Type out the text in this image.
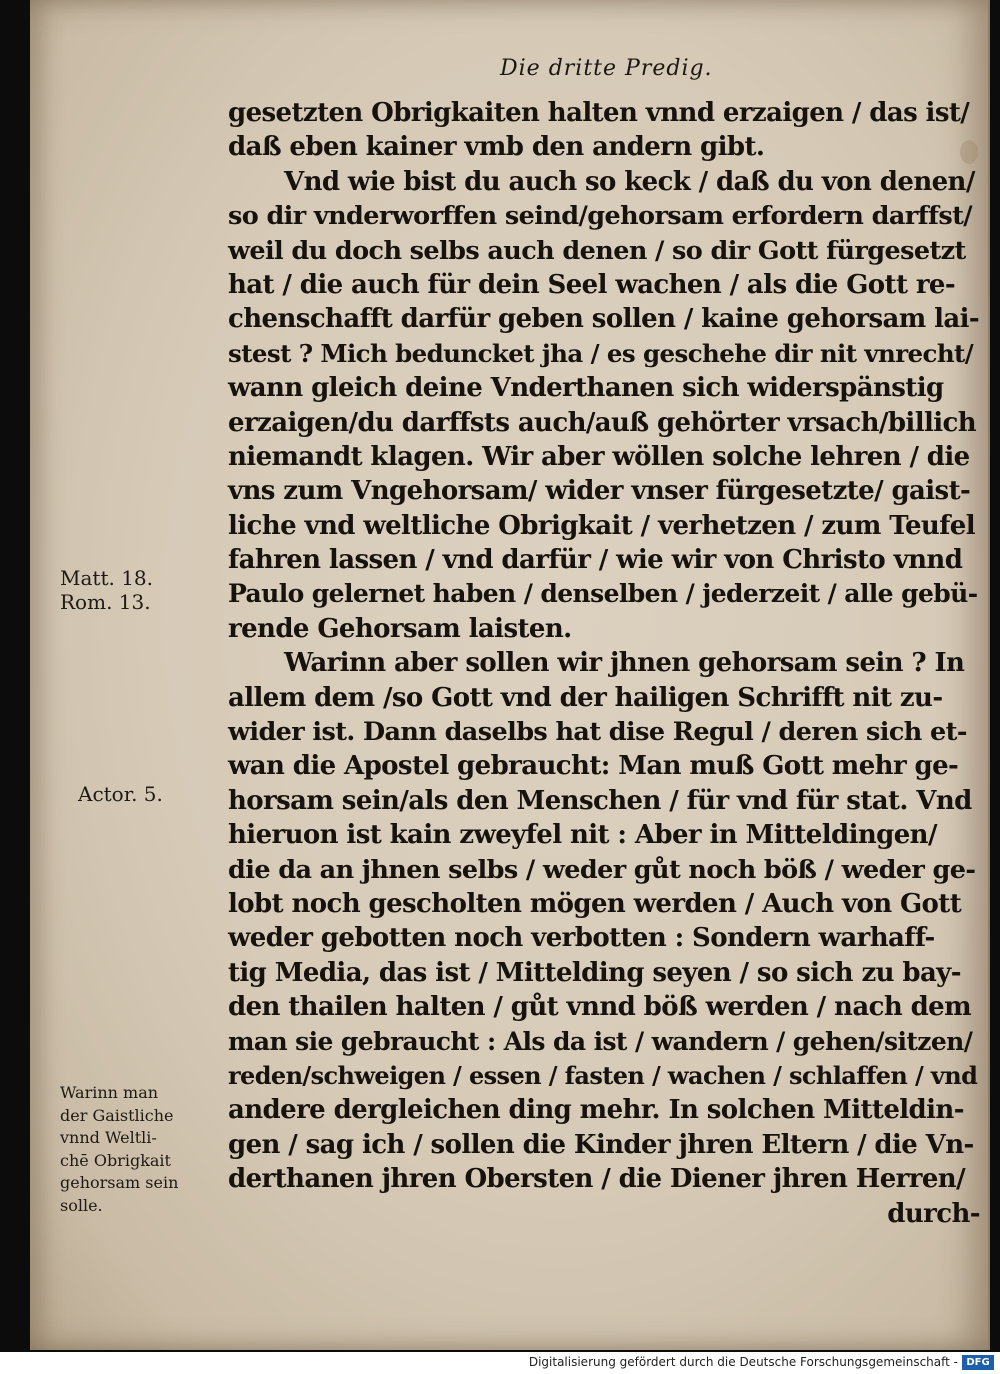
Die dritte Predig.
gesetzten Obrigkaiten halten vnnd erzaigen / das ist/
daß eben kainer vmb den andern gibt.
Vnd wie bist du auch so keck / daß du von denen/
so dir vnderworffen seind/gehorsam erfordern darffst/
weil du doch selbs auch denen / so dir Gott fürgesetzt
hat / die auch für dein Seel wachen / als die Gott re-
chenschafft darfür geben sollen / kaine gehorsam lai-
stest ? Mich beduncket jha / es geschehe dir nit vnrecht/
wann gleich deine Vnderthanen sich widerspänstig
erzaigen/du darffsts auch/auß gehörter vrsach/billich
niemandt klagen. Wir aber wöllen solche lehren / die
vns zum Vngehorsam/ wider vnser fürgesetzte/ gaist-
liche vnd weltliche Obrigkait / verhetzen / zum Teufel
fahren lassen / vnd darfür / wie wir von Christo vnnd
Paulo gelernet haben / denselben / jederzeit / alle gebü-
rende Gehorsam laisten.
Warinn aber sollen wir jhnen gehorsam sein ? In
allem dem /so Gott vnd der hailigen Schrifft nit zu-
wider ist. Dann daselbs hat dise Regul / deren sich et-
wan die Apostel gebraucht: Man muß Gott mehr ge-
horsam sein/als den Menschen / für vnd für stat. Vnd
hieruon ist kain zweyfel nit : Aber in Mitteldingen/
die da an jhnen selbs / weder gůt noch böß / weder ge-
lobt noch gescholten mögen werden / Auch von Gott
weder gebotten noch verbotten : Sondern warhaff-
tig Media, das ist / Mittelding seyen / so sich zu bay-
den thailen halten / gůt vnnd böß werden / nach dem
man sie gebraucht : Als da ist / wandern / gehen/sitzen/
reden/schweigen / essen / fasten / wachen / schlaffen / vnd
andere dergleichen ding mehr. In solchen Mitteldin-
gen / sag ich / sollen die Kinder jhren Eltern / die Vn-
derthanen jhren Obersten / die Diener jhren Herren/
durch-
Matt. 18.
Rom. 13.
Actor. 5.
Warinn man
der Gaistliche
vnnd Weltli-
chē Obrigkait
gehorsam sein
solle.
Digitalisierung gefördert durch die Deutsche Forschungsgemeinschaft - DFG
